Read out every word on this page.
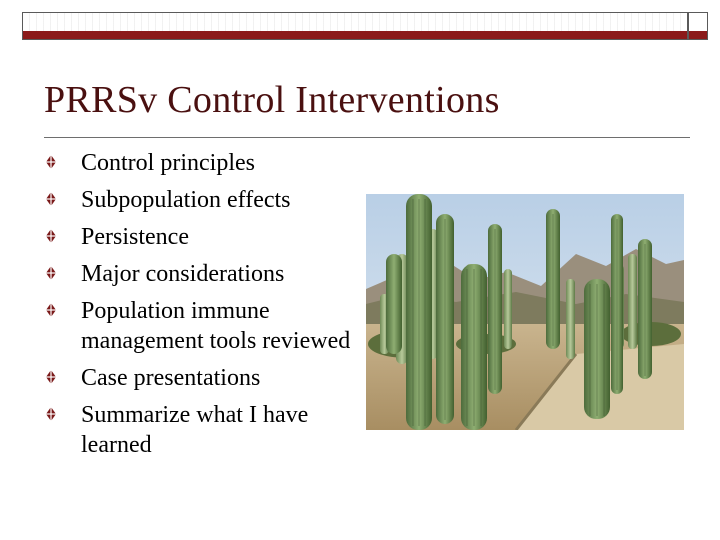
PRRSv Control Interventions
Control principles
Subpopulation effects
Persistence
Major considerations
Population immune management tools reviewed
Case presentations
Summarize what I have learned
